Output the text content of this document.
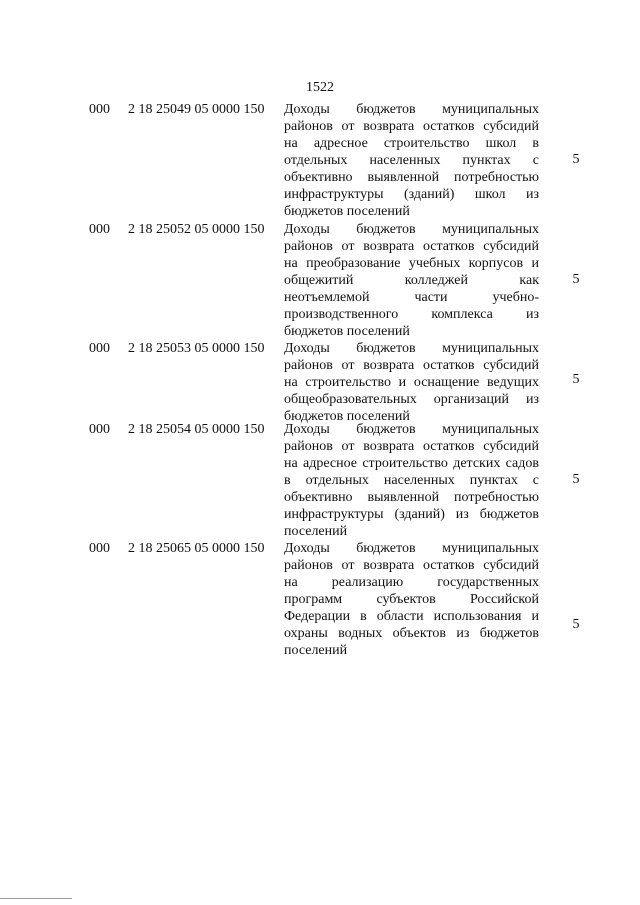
1522
000 2 18 25049 05 0000 150 Доходы бюджетов муниципальных
районов от возврата остатков субсидий
на адресное строительство школ в
отдельных населенных пунктах с
объективно выявленной потребностью
инфраструктуры (зданий) школ из
бюджетов поселений
5
000 2 18 25052 05 0000 150 Доходы бюджетов муниципальных
районов от возврата остатков субсидий
на преобразование учебных корпусов и
общежитий колледжей как
неотъемлемой части учебно-
производственного комплекса из
бюджетов поселений
5
000 2 18 25053 05 0000 150 Доходы бюджетов муниципальных
районов от возврата остатков субсидий
на строительство и оснащение ведущих
общеобразовательных организаций из
бюджетов поселений
5
000 2 18 25054 05 0000 150 Доходы бюджетов муниципальных
районов от возврата остатков субсидий
на адресное строительство детских садов
в отдельных населенных пунктах с
объективно выявленной потребностью
инфраструктуры (зданий) из бюджетов
поселений
5
000 2 18 25065 05 0000 150 Доходы бюджетов муниципальных
районов от возврата остатков субсидий
на реализацию государственных
программ субъектов Российской
Федерации в области использования и
охраны водных объектов из бюджетов
поселений
5
